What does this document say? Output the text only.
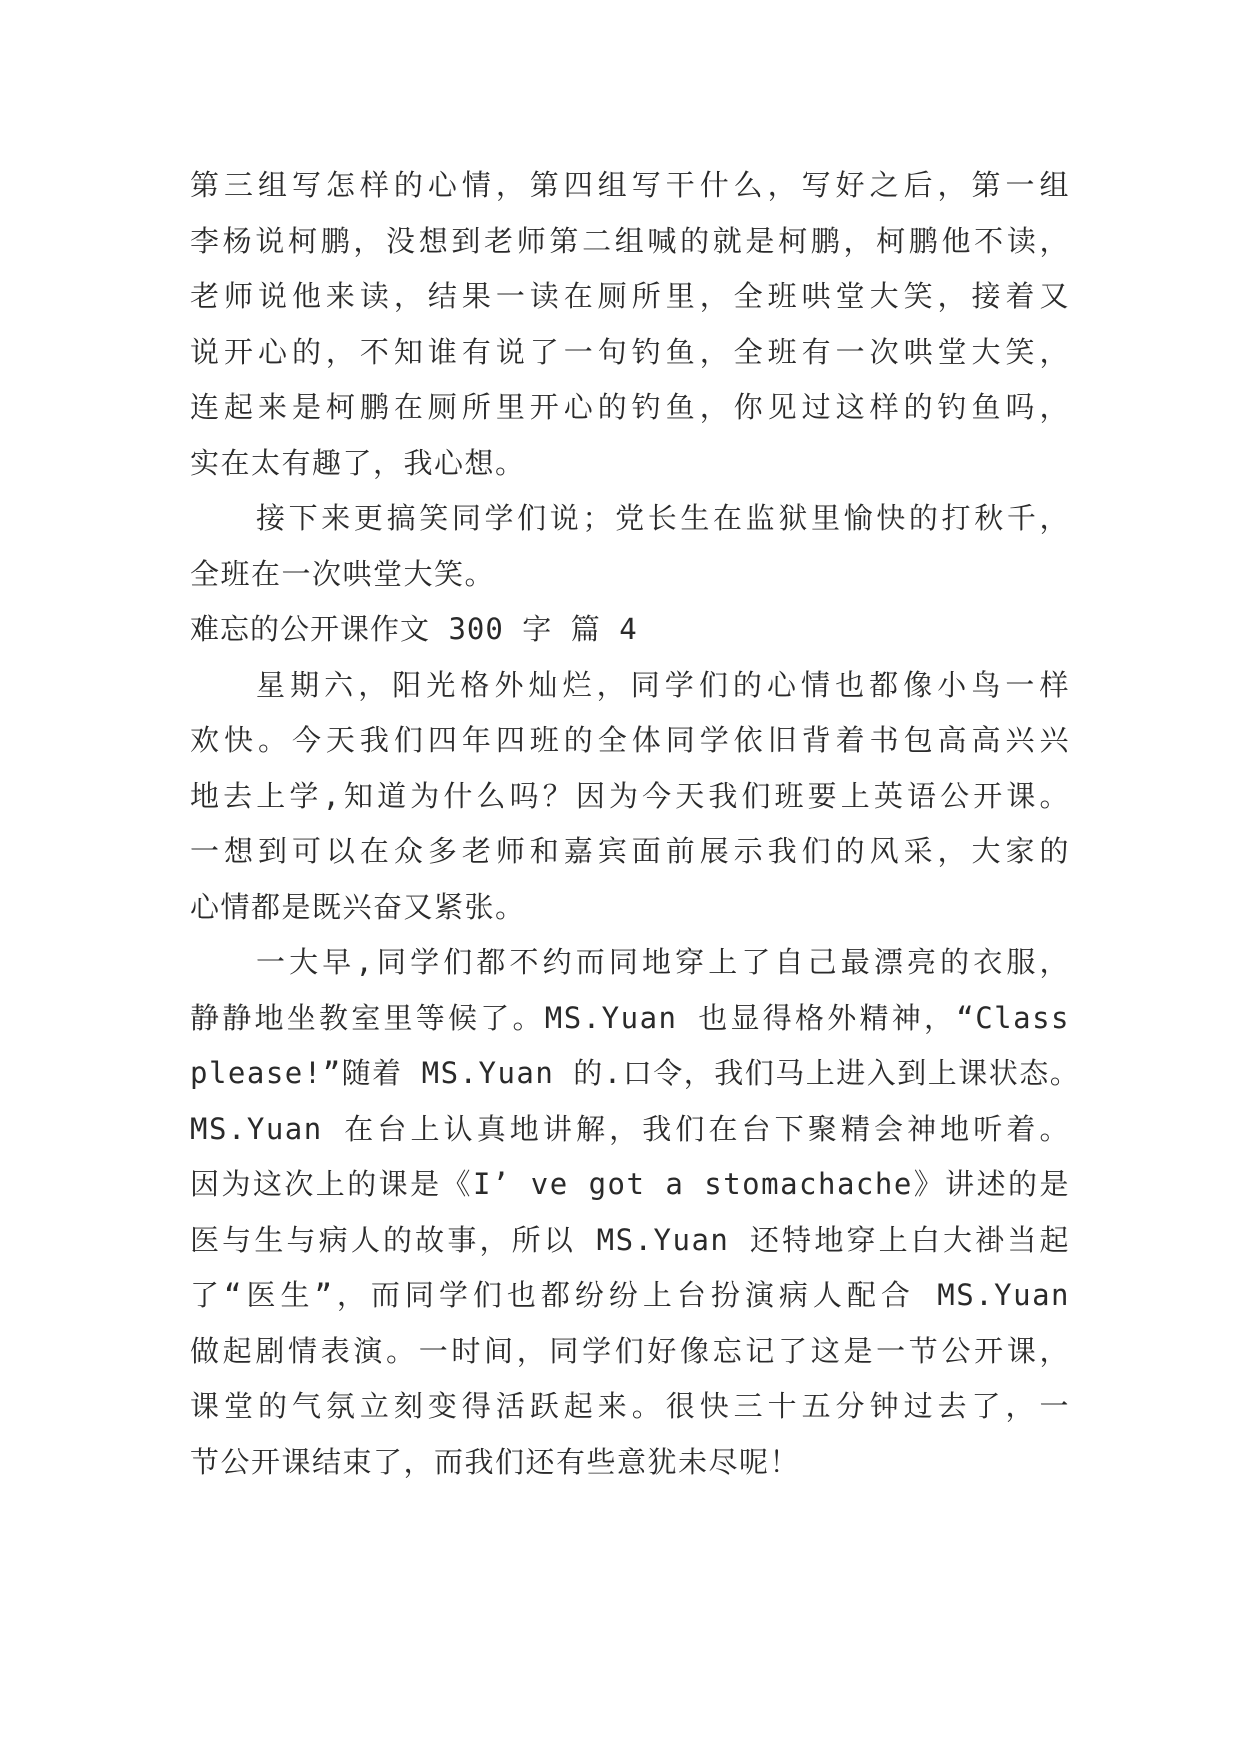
第三组写怎样的心情，第四组写干什么，写好之后，第一组
李杨说柯鹏，没想到老师第二组喊的就是柯鹏，柯鹏他不读，
老师说他来读，结果一读在厕所里，全班哄堂大笑，接着又
说开心的，不知谁有说了一句钓鱼，全班有一次哄堂大笑，
连起来是柯鹏在厕所里开心的钓鱼，你见过这样的钓鱼吗，
实在太有趣了，我心想。
接下来更搞笑同学们说；党长生在监狱里愉快的打秋千，
全班在一次哄堂大笑。
难忘的公开课作文 300 字 篇 4
星期六，阳光格外灿烂，同学们的心情也都像小鸟一样
欢快。今天我们四年四班的全体同学依旧背着书包高高兴兴
地去上学,知道为什么吗？因为今天我们班要上英语公开课。
一想到可以在众多老师和嘉宾面前展示我们的风采，大家的
心情都是既兴奋又紧张。
一大早,同学们都不约而同地穿上了自己最漂亮的衣服，
静静地坐教室里等候了。MS.Yuan 也显得格外精神，“Class
please!”随着 MS.Yuan 的.口令，我们马上进入到上课状态。
MS.Yuan 在台上认真地讲解，我们在台下聚精会神地听着。
因为这次上的课是《I’ ve got a stomachache》讲述的是
医与生与病人的故事，所以 MS.Yuan 还特地穿上白大褂当起
了“医生”，而同学们也都纷纷上台扮演病人配合 MS.Yuan
做起剧情表演。一时间，同学们好像忘记了这是一节公开课，
课堂的气氛立刻变得活跃起来。很快三十五分钟过去了，一
节公开课结束了，而我们还有些意犹未尽呢！
